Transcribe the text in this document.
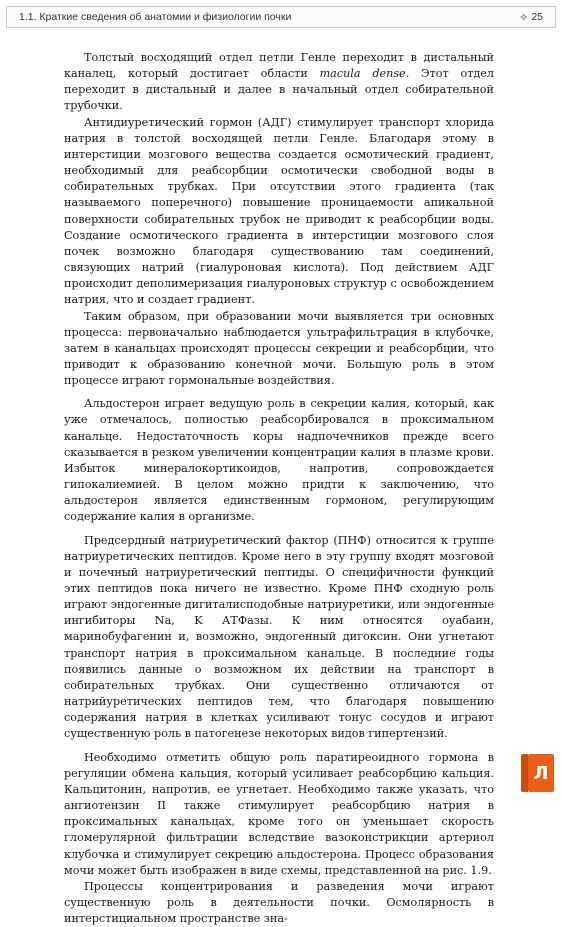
1.1. Краткие сведения об анатомии и физиологии почки	✧ 25

Толстый восходящий отдел петли Генле переходит в дистальный каналец, который достигает области macula dense. Этот отдел переходит в дистальный и далее в начальный отдел собирательной трубочки.

Антидиуретический гормон (АДГ) стимулирует транспорт хлорида натрия в толстой восходящей петли Генле. Благодаря этому в интерстиции мозгового вещества создается осмотический градиент, необходимый для реабсорбции осмотически свободной воды в собирательных трубках. При отсутствии этого градиента (так называемого поперечного) повышение проницаемости апикальной поверхности собирательных трубок не приводит к реабсорбции воды. Создание осмотического градиента в интерстиции мозгового слоя почек возможно благодаря существованию там соединений, связующих натрий (гиалуроновая кислота). Под действием АДГ происходит деполимеризация гиалуроновых структур с освобождением натрия, что и создает градиент.

Таким образом, при образовании мочи выявляется три основных процесса: первоначально наблюдается ультрафильтрация в клубочке, затем в канальцах происходят процессы секреции и реабсорбции, что приводит к образованию конечной мочи. Большую роль в этом процессе играют гормональные воздействия.

Альдостерон играет ведущую роль в секреции калия, который, как уже отмечалось, полностью реабсорбировался в проксимальном канальце. Недостаточность коры надпочечников прежде всего сказывается в резком увеличении концентрации калия в плазме крови. Избыток минералокортикоидов, напротив, сопровождается гипокалиемией. В целом можно придти к заключению, что альдостерон является единственным гормоном, регулирующим содержание калия в организме.

Предсердный натриуретический фактор (ПНФ) относится к группе натриуретических пептидов. Кроме него в эту группу входят мозговой и почечный натриуретический пептиды. О специфичности функций этих пептидов пока ничего не известно. Кроме ПНФ сходную роль играют эндогенные дигиталисподобные натриуретики, или эндогенные ингибиторы Na, K АТФазы. К ним относятся оуабаин, маринобуфагенин и, возможно, эндогенный дигоксин. Они угнетают транспорт натрия в проксимальном канальце. В последние годы появились данные о возможном их действии на транспорт в собирательных трубках. Они существенно отличаются от натрийуретических пептидов тем, что благодаря повышению содержания натрия в клетках усиливают тонус сосудов и играют существенную роль в патогенезе некоторых видов гипертензий.

Необходимо отметить общую роль паратиреоидного гормона в регуляции обмена кальция, который усиливает реабсорбцию кальция. Кальцитонин, напротив, ее угнетает. Необходимо также указать, что ангиотензин II также стимулирует реабсорбцию натрия в проксимальных канальцах, кроме того он уменьшает скорость гломерулярной фильтрации вследствие вазоконстрикции артериол клубочка и стимулирует секрецию альдостерона. Процесс образования мочи может быть изображен в виде схемы, представленной на рис. 1.9.

Процессы концентрирования и разведения мочи играют существенную роль в деятельности почки. Осмолярность в интерстициальном пространстве зна-

Л
